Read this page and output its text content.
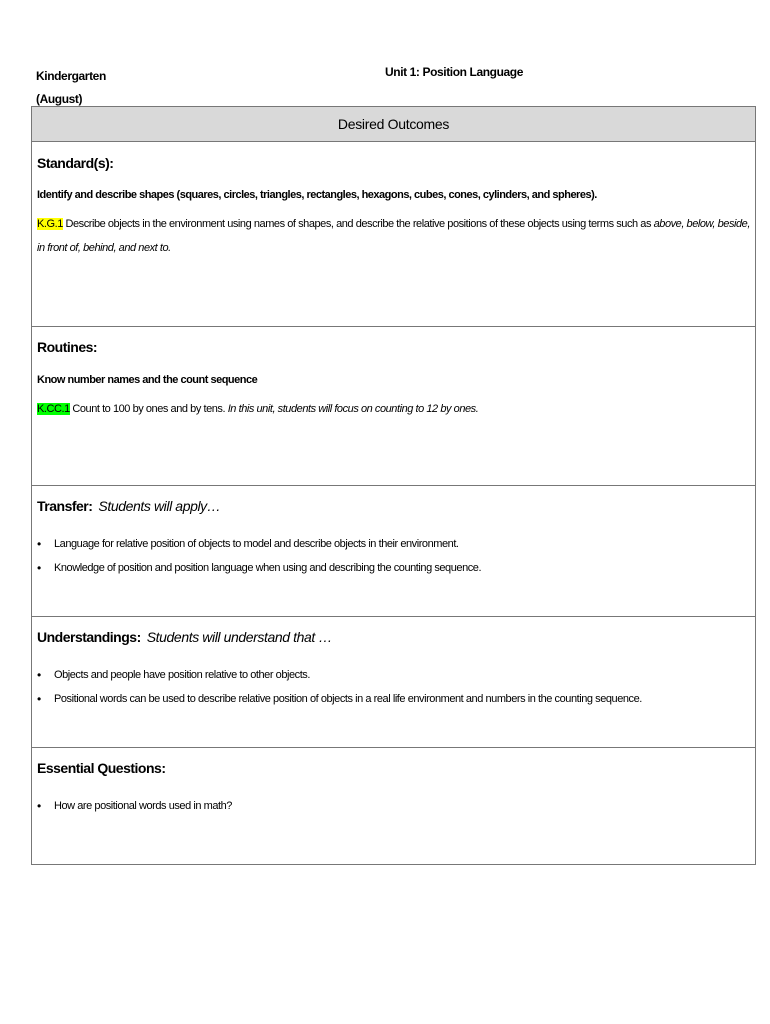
Kindergarten
(August)
Unit 1: Position Language
Desired Outcomes
Standard(s):
Identify and describe shapes (squares, circles, triangles, rectangles, hexagons, cubes, cones, cylinders, and spheres).
K.G.1 Describe objects in the environment using names of shapes, and describe the relative positions of these objects using terms such as above, below, beside, in front of, behind, and next to.
Routines:
Know number names and the count sequence
K.CC.1 Count to 100 by ones and by tens. In this unit, students will focus on counting to 12 by ones.
Transfer: Students will apply…
• Language for relative position of objects to model and describe objects in their environment.
• Knowledge of position and position language when using and describing the counting sequence.
Understandings: Students will understand that …
• Objects and people have position relative to other objects.
• Positional words can be used to describe relative position of objects in a real life environment and numbers in the counting sequence.
Essential Questions:
• How are positional words used in math?
